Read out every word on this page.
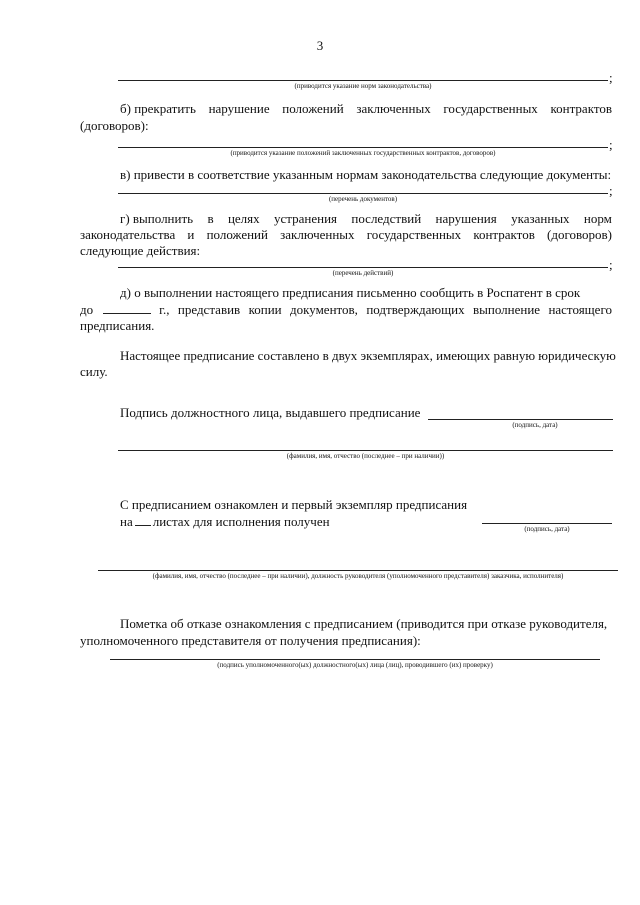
3
;
(приводится указание норм законодательства)
б) прекратить нарушение положений заключенных государственных контрактов
(договоров):
;
(приводится указание положений заключенных государственных контрактов, договоров)
в) привести в соответствие указанным нормам законодательства следующие документы:
;
(перечень документов)
г) выполнить в целях устранения последствий нарушения указанных норм
законодательства и положений заключенных государственных контрактов (договоров)
следующие действия:
;
(перечень действий)
д) о выполнении настоящего предписания письменно сообщить в Роспатент в срок
до	г., представив копии документов, подтверждающих выполнение настоящего
предписания.
Настоящее предписание составлено в двух экземплярах, имеющих равную юридическую
силу.
Подпись должностного лица, выдавшего предписание
(подпись, дата)
(фамилия, имя, отчество (последнее – при наличии))
С предписанием ознакомлен и первый экземпляр предписания
на листах для исполнения получен	(подпись, дата)
(фамилия, имя, отчество (последнее – при наличии), должность руководителя (уполномоченного представителя) заказчика, исполнителя)
Пометка об отказе ознакомления с предписанием (приводится при отказе руководителя,
уполномоченного представителя от получения предписания):
(подпись уполномоченного(ых) должностного(ых) лица (лиц), проводившего (их) проверку)
